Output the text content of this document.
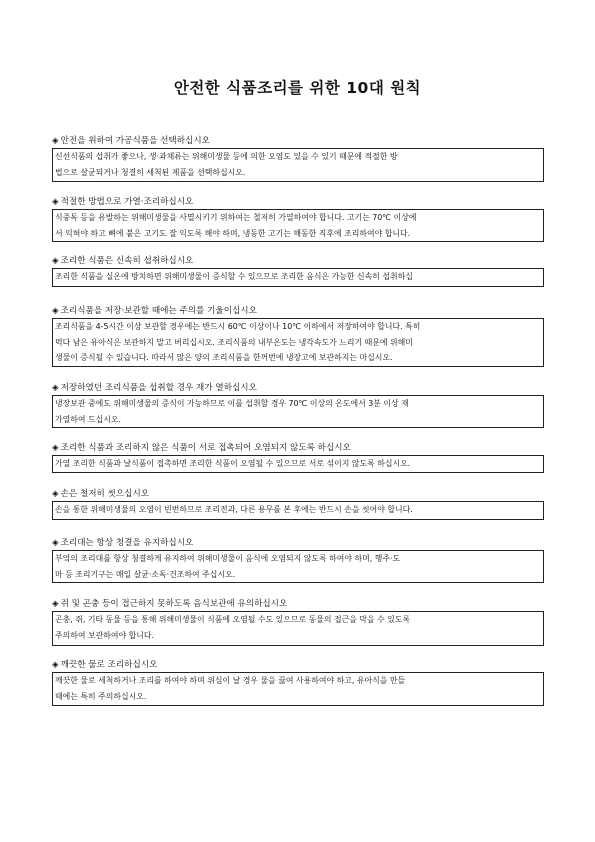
안전한 식품조리를 위한 10대 원칙
◈ 안전을 위하여 가공식품을 선택하십시오
신선식품의 섭취가 좋으나, 생·과채류는 위해미생물 등에 의한 오염도 있을 수 있기 때문에 적절한 방
법으로 살균되거나 청결히 세척된 제품을 선택하십시오.
◈ 적절한 방법으로 가열·조리하십시오
식중독 등을 유발하는 위해미생물을 사멸시키기 위하여는 철저히 가열하여야 합니다. 고기는 70℃ 이상에
서 익혀야 하고 뼈에 붙은 고기도 잘 익도록 해야 하며, 냉동한 고기는 해동한 직후에 조리하여야 합니다.
◈ 조리한 식품은 신속히 섭취하십시오
조리한 식품을 실온에 방치하면 위해미생물이 증식할 수 있으므로 조리한 음식은 가능한 신속히 섭취하십
◈ 조리식품을 저장·보관할 때에는 주의를 기울이십시오
조리식품을 4-5시간 이상 보관할 경우에는 반드시 60℃ 이상이나 10℃ 이하에서 저장하여야 합니다. 특히
먹다 남은 유아식은 보관하지 말고 버리십시오. 조리식품의 내부온도는 냉각속도가 느리기 때문에 위해미
생물이 증식될 수 있습니다. 따라서 많은 양의 조리식품을 한꺼번에 냉장고에 보관하지는 마십시오.
◈ 저장하였던 조리식품을 섭취할 경우 재가 열하십시오
냉장보관 중에도 위해미생물의 증식이 가능하므로 이를 섭취할 경우 70℃ 이상의 온도에서 3분 이상 재
가열하여 드십시오.
◈ 조리한 식품과 조리하지 않은 식품이 서로 접촉되어 오염되지 않도록 하십시오
가열 조리한 식품과 날식품이 접촉하면 조리한 식품이 오염될 수 있으므로 서로 섞이지 않도록 하십시오.
◈ 손은 철저히 씻으십시오
손을 통한 위해미생물의 오염이 빈번하므로 조리전과, 다른 용무를 본 후에는 반드시 손을 씻어야 합니다.
◈ 조리대는 항상 청결을 유지하십시오
부엌의 조리대를 항상 청결하게 유지하여 위해미생물이 음식에 오염되지 않도록 하여야 하며, 행주·도
마 등 조리기구는 매일 살균·소독·건조하여 주십시오.
◈ 쥐 및 곤충 등이 접근하지 못하도록 음식보관에 유의하십시오
곤충, 쥐, 기타 동물 등을 통해 위해미생물이 식품에 오염될 수도 있으므로 동물의 접근을 막을 수 있도록
주의하여 보관하여야 합니다.
◈ 깨끗한 물로 조리하십시오
깨끗한 물로 세척하거나 조리를 하여야 하며 위심이 날 경우 물을 끓여 사용하여야 하고, 유아식을 만들
때에는 특히 주의하십시오.
